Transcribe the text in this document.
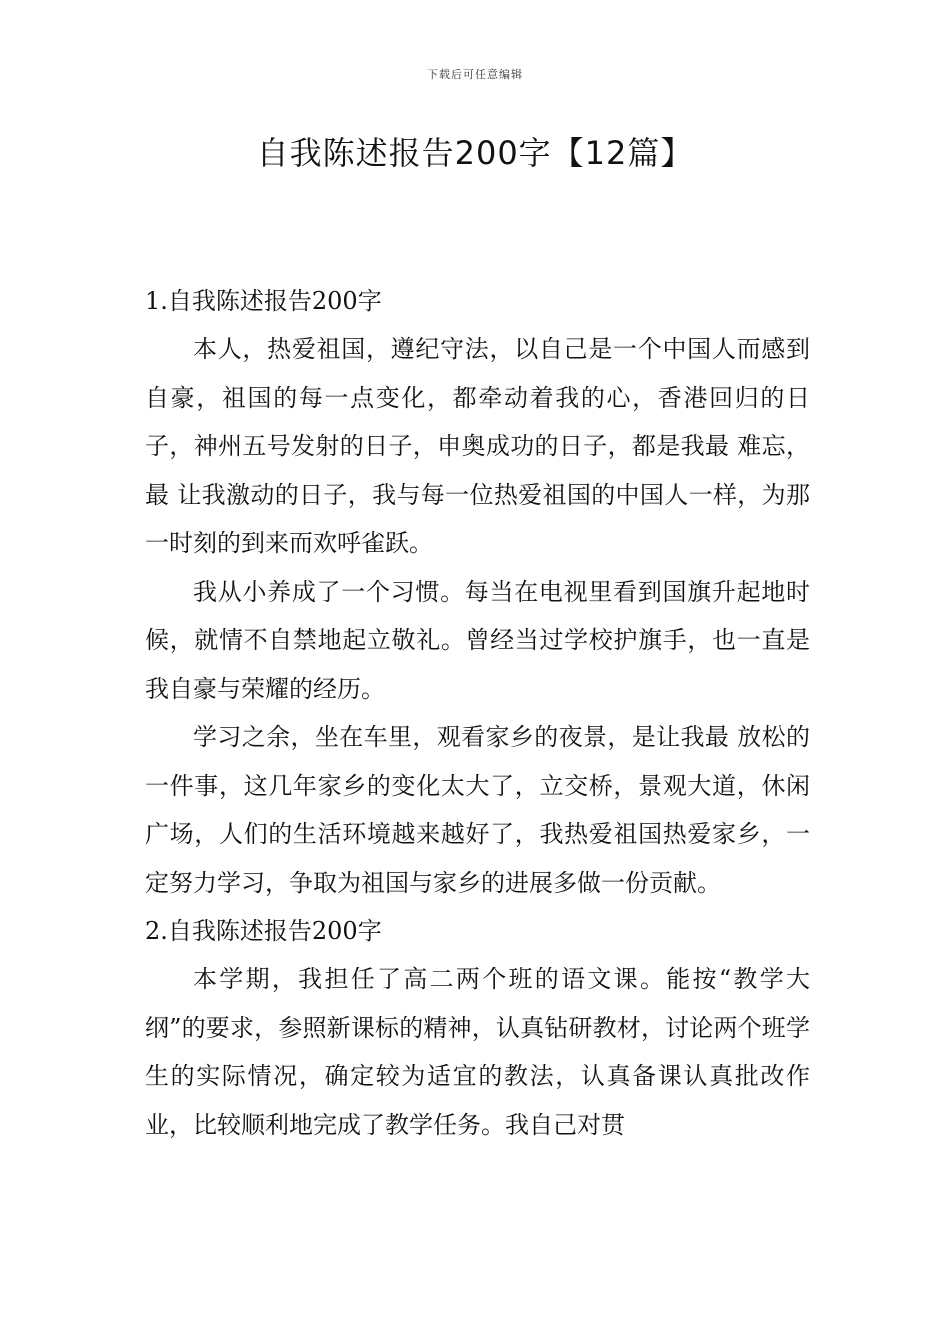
下载后可任意编辑
自我陈述报告200字【12篇】
1.自我陈述报告200字

本人，热爱祖国，遵纪守法，以自己是一个中国人而感到自豪，祖国的每一点变化，都牵动着我的心，香港回归的日子，神州五号发射的日子，申奥成功的日子，都是我最 难忘，最 让我激动的日子，我与每一位热爱祖国的中国人一样，为那一时刻的到来而欢呼雀跃。

我从小养成了一个习惯。每当在电视里看到国旗升起地时候，就情不自禁地起立敬礼。曾经当过学校护旗手，也一直是我自豪与荣耀的经历。

学习之余，坐在车里，观看家乡的夜景，是让我最 放松的一件事，这几年家乡的变化太大了，立交桥，景观大道，休闲广场，人们的生活环境越来越好了，我热爱祖国热爱家乡，一定努力学习，争取为祖国与家乡的进展多做一份贡献。

2.自我陈述报告200字

本学期，我担任了高二两个班的语文课。能按“教学大纲”的要求，参照新课标的精神，认真钻研教材，讨论两个班学生的实际情况，确定较为适宜的教法，认真备课认真批改作业，比较顺利地完成了教学任务。我自己对贯
